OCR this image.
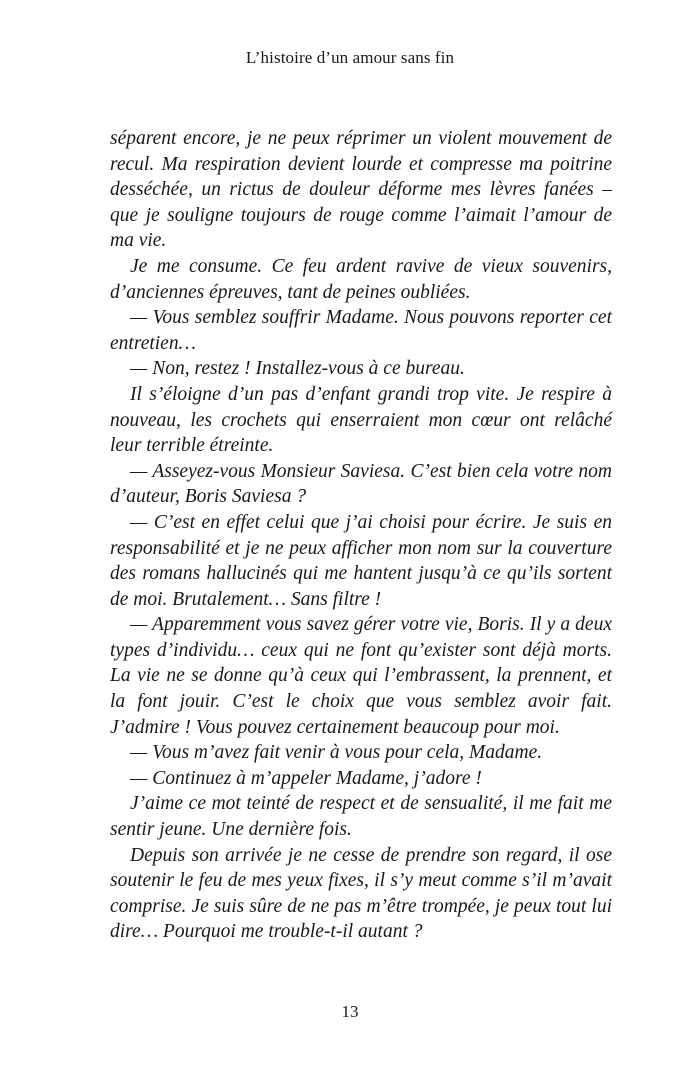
L’histoire d’un amour sans fin

séparent encore, je ne peux réprimer un violent mouvement de recul. Ma respiration devient lourde et compresse ma poitrine desséchée, un rictus de douleur déforme mes lèvres fanées – que je souligne toujours de rouge comme l’aimait l’amour de ma vie.

Je me consume. Ce feu ardent ravive de vieux souvenirs, d’anciennes épreuves, tant de peines oubliées.

— Vous semblez souffrir Madame. Nous pouvons reporter cet entretien…

— Non, restez ! Installez-vous à ce bureau.

Il s’éloigne d’un pas d’enfant grandi trop vite. Je respire à nouveau, les crochets qui enserraient mon cœur ont relâché leur terrible étreinte.

— Asseyez-vous Monsieur Saviesa. C’est bien cela votre nom d’auteur, Boris Saviesa ?

— C’est en effet celui que j’ai choisi pour écrire. Je suis en responsabilité et je ne peux afficher mon nom sur la couverture des romans hallucinés qui me hantent jusqu’à ce qu’ils sortent de moi. Brutalement… Sans filtre !

— Apparemment vous savez gérer votre vie, Boris. Il y a deux types d’individu… ceux qui ne font qu’exister sont déjà morts. La vie ne se donne qu’à ceux qui l’embrassent, la prennent, et la font jouir. C’est le choix que vous semblez avoir fait. J’admire ! Vous pouvez certainement beaucoup pour moi.

— Vous m’avez fait venir à vous pour cela, Madame.

— Continuez à m’appeler Madame, j’adore !

J’aime ce mot teinté de respect et de sensualité, il me fait me sentir jeune. Une dernière fois.

Depuis son arrivée je ne cesse de prendre son regard, il ose soutenir le feu de mes yeux fixes, il s’y meut comme s’il m’avait comprise. Je suis sûre de ne pas m’être trompée, je peux tout lui dire… Pourquoi me trouble-t-il autant ?

13
